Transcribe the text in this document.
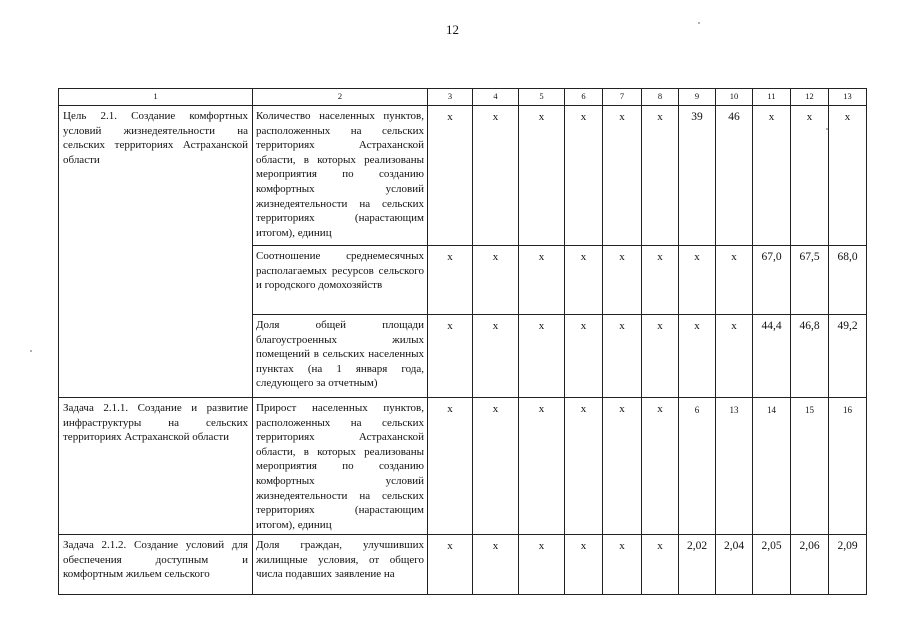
12
1	2	3	4	5	6	7	8	9	10	11	12	13
Цель 2.1. Создание комфортных условий жизнедеятельности на сельских территориях Астраханской области	Количество населенных пунктов, расположенных на сельских территориях Астраханской области, в которых реализованы мероприятия по созданию комфортных условий жизнедеятельности на сельских территориях (нарастающим итогом), единиц	x	x	x	x	x	x	39	46	x	x	x
	Соотношение среднемесячных располагаемых ресурсов сельского и городского домохозяйств	x	x	x	x	x	x	x	x	67,0	67,5	68,0
	Доля общей площади благоустроенных жилых помещений в сельских населенных пунктах (на 1 января года, следующего за отчетным)	x	x	x	x	x	x	x	x	44,4	46,8	49,2
Задача 2.1.1. Создание и развитие инфраструктуры на сельских территориях Астраханской области	Прирост населенных пунктов, расположенных на сельских территориях Астраханской области, в которых реализованы мероприятия по созданию комфортных условий жизнедеятельности на сельских территориях (нарастающим итогом), единиц	x	x	x	x	x	x	6	13	14	15	16
Задача 2.1.2. Создание условий для обеспечения доступным и комфортным жильем сельского	Доля граждан, улучшивших жилищные условия, от общего числа подавших заявление на	x	x	x	x	x	x	2,02	2,04	2,05	2,06	2,09
